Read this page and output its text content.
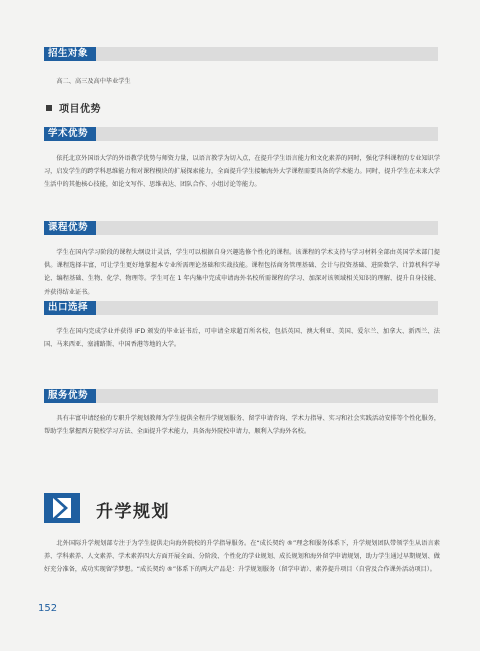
招生对象

高二、高三及高中毕业学生

项目优势
学术优势

依托北京外国语大学的外语教学优势与师资力量，以语言教学为切入点，在提升学生语言能力和文化素养的同时，强化学科课程的专业知识学习，启发学生的跨学科思维能力和对课程模块的扩展探索能力，全面提升学生接触海外大学课程需要具备的学术能力。同时，提升学生在未来大学生活中的其他核心技能，如论文写作、思维表达、团队合作、小组讨论等能力。

课程优势

学生在国内学习阶段的课程大纲设计灵活，学生可以根据自身兴趣选修个性化的课程。该课程的学术支持与学习材料全部由英国学术部门提供。课程选择丰富，可让学生更好地掌握本专业所需理论基础和实战技能。课程包括商务管理基础、会计与投资基础、进阶数学、计算机科学导论、编程基础、生物、化学、物理等。学生可在 1 年内集中完成申请海外名校所需课程的学习、加深对该领域相关知识的理解、提升自身技能、并获得结业证书。

出口选择

学生在国内完成学业并获得 IFD 颁发的毕业证书后，可申请全球超百所名校，包括英国、澳大利亚、美国、爱尔兰、加拿大、新西兰、法国、马来西亚、塞浦路斯、中国香港等地的大学。

服务优势

具有丰富申请经验的专职升学规划教师为学生提供全程升学规划服务、留学申请咨询、学术力指导、实习和社会实践活动安排等个性化服务，帮助学生掌握西方院校学习方法、全面提升学术能力，具备海外院校申请力，顺利入学海外名校。

升学规划

北外国际升学规划部专注于为学生提供走向海外院校的升学指导服务。在“成长契约 ®”理念和服务体系下，升学规划团队带领学生从语言素养、学科素养、人文素养、学术素养四大方面开展全面、分阶段、个性化的学业规划、成长规划和海外留学申请规划，助力学生通过早期规划、做好充分准备，成功实现留学梦想。“成长契约 ®”体系下的两大产品是：升学规划服务（留学申请）、素养提升项目（自营及合作课外活动项目）。

152
